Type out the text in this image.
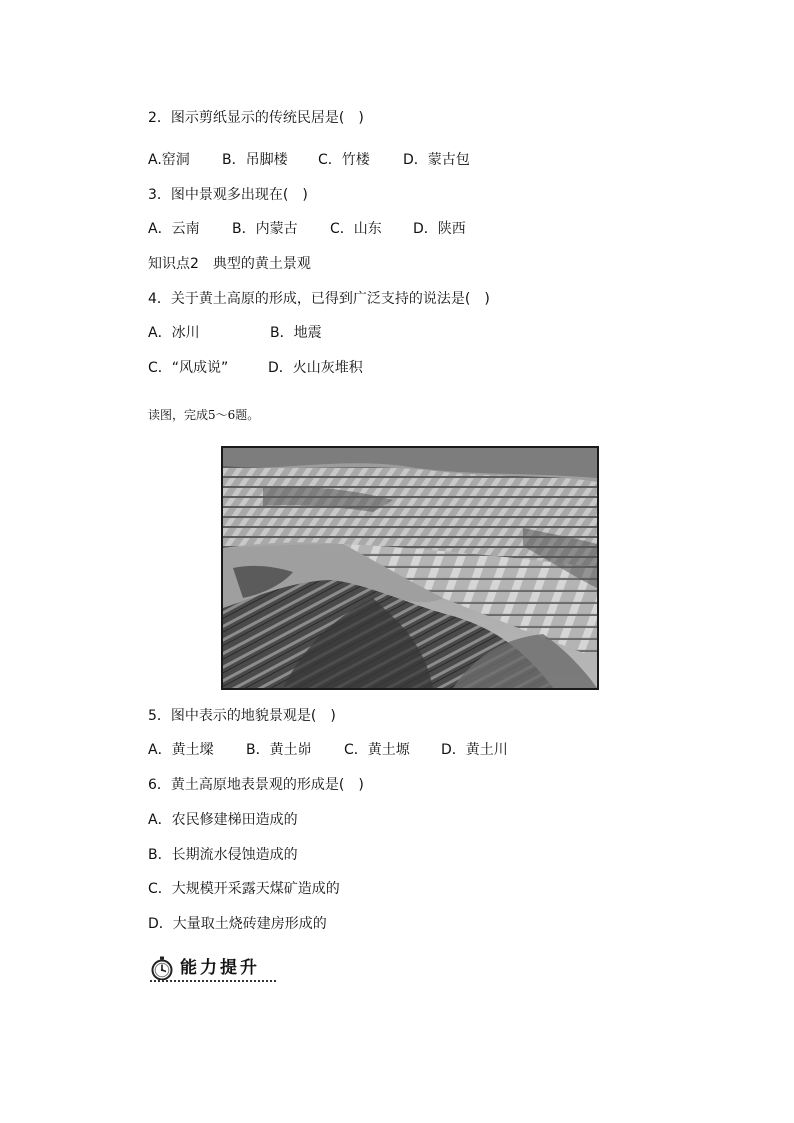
2．图示剪纸显示的传统民居是(　)
A.窑洞 B．吊脚楼 C．竹楼 D．蒙古包
3．图中景观多出现在(　)
A．云南 B．内蒙古 C．山东 D．陕西
知识点2　典型的黄土景观
4．关于黄土高原的形成，已得到广泛支持的说法是(　)
A．冰川	B．地震
C．“风成说”	D．火山灰堆积
读图，完成5～6题。
5．图中表示的地貌景观是(　)
A．黄土墚 B．黄土峁 C．黄土塬 D．黄土川
6．黄土高原地表景观的形成是(　)
A．农民修建梯田造成的
B．长期流水侵蚀造成的
C．大规模开采露天煤矿造成的
D．大量取土烧砖建房形成的
能力提升
